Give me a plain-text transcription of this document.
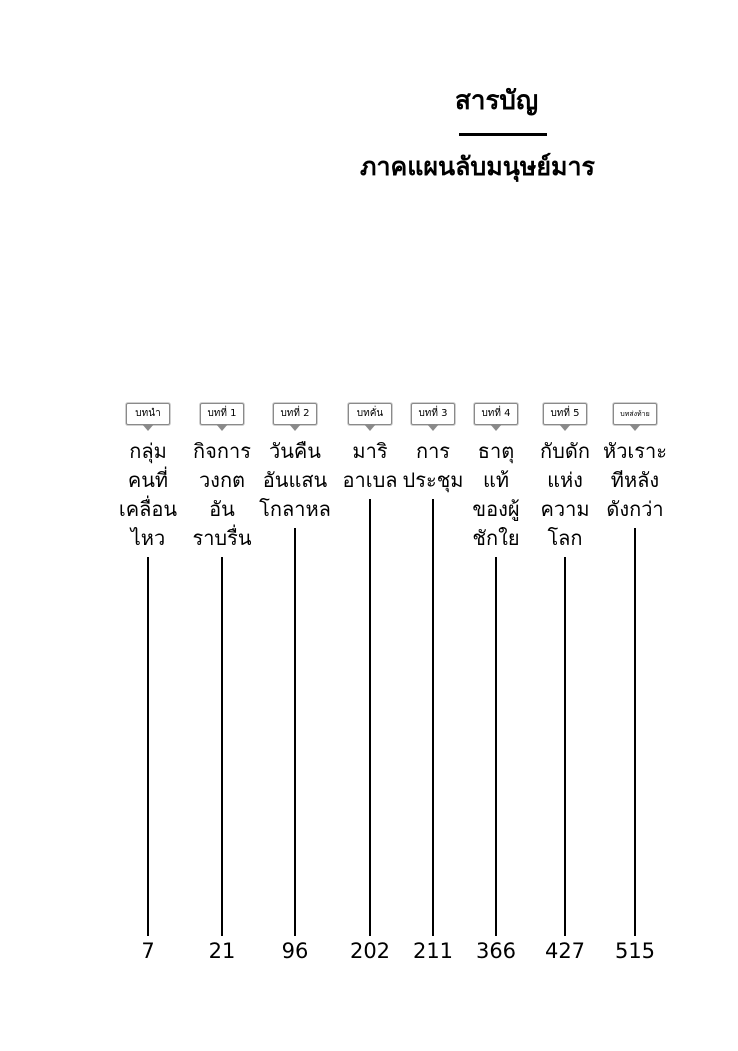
สารบัญ
ภาคแผนลับมนุษย์มาร
บทนำ
กลุ่ม
คนที่
เคลื่อน
ไหว
7
บทที่ 1
กิจการ
วงกต
อัน
ราบรื่น
21
บทที่ 2
วันคืน
อันแสน
โกลาหล
96
บทคั่น
มาริ
อาเบล
202
บทที่ 3
การ
ประชุม
211
บทที่ 4
ธาตุ
แท้
ของผู้
ชักใย
366
บทที่ 5
กับดัก
แห่ง
ความ
โลก
427
บทส่งท้าย
หัวเราะ
ทีหลัง
ดังกว่า
515
